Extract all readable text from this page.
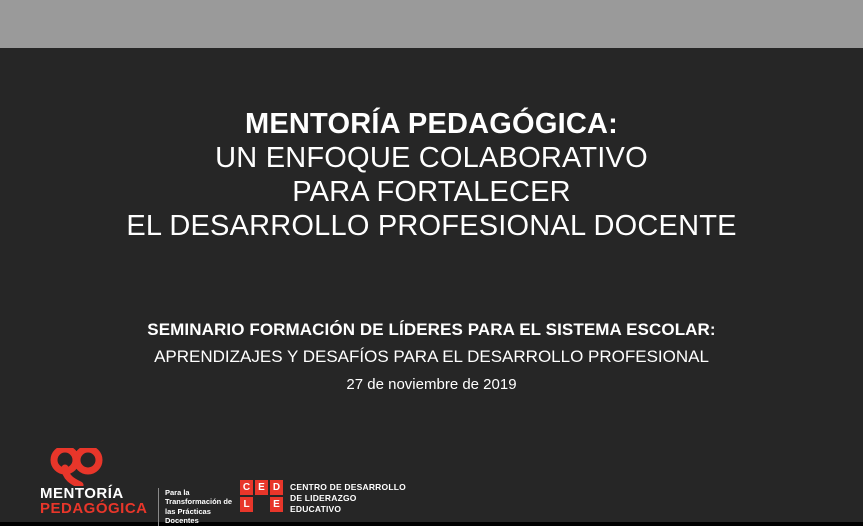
MENTORÍA PEDAGÓGICA:
UN ENFOQUE COLABORATIVO
PARA FORTALECER
EL DESARROLLO PROFESIONAL DOCENTE
SEMINARIO FORMACIÓN DE LÍDERES PARA EL SISTEMA ESCOLAR:
APRENDIZAJES Y DESAFÍOS PARA EL DESARROLLO PROFESIONAL
27 de noviembre de 2019
MENTORÍA
PEDAGÓGICA
Para la Transformación de las Prácticas Docentes
C E D
L	E
CENTRO DE DESARROLLO
DE LIDERAZGO
EDUCATIVO
